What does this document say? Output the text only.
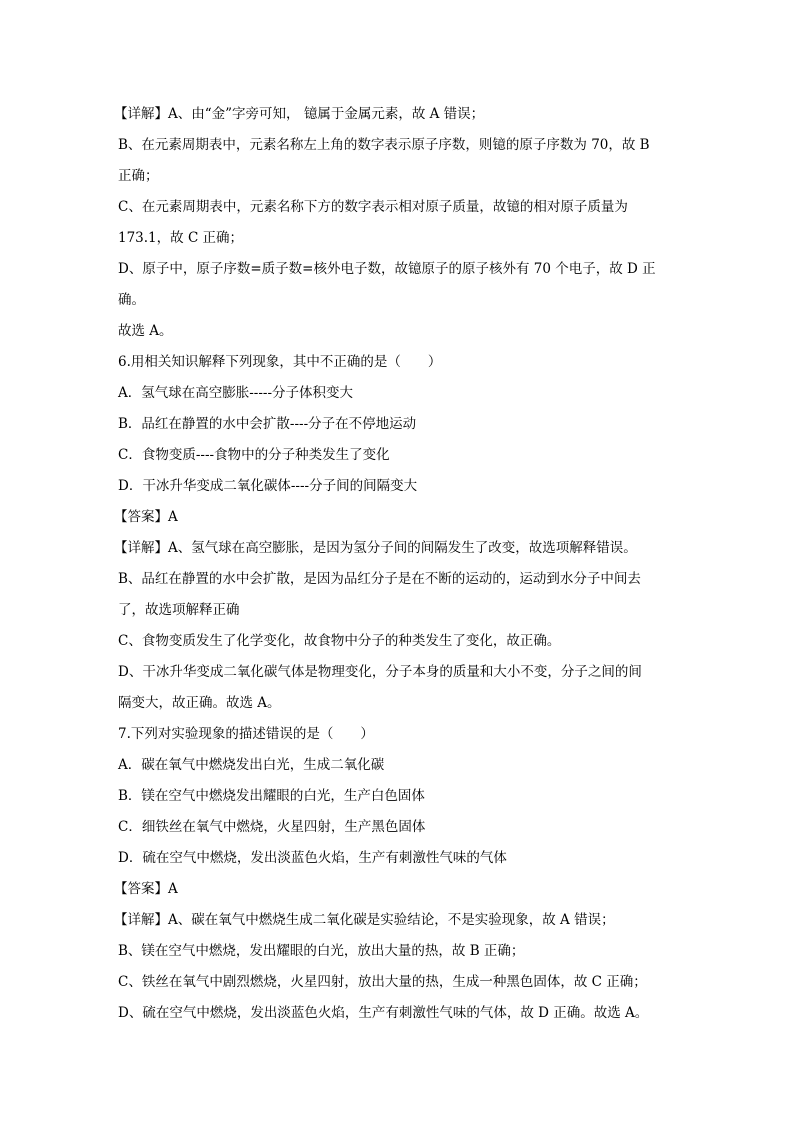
【详解】A、由“金”字旁可知， 镱属于金属元素，故 A 错误；
B、在元素周期表中，元素名称左上角的数字表示原子序数，则镱的原子序数为 70，故 B
正确；
C、在元素周期表中，元素名称下方的数字表示相对原子质量，故镱的相对原子质量为
173.1，故 C 正确；
D、原子中，原子序数=质子数=核外电子数，故镱原子的原子核外有 70 个电子，故 D 正
确。
故选 A。
6.用相关知识解释下列现象，其中不正确的是（　　）
A．氢气球在高空膨胀-----分子体积变大
B．品红在静置的水中会扩散----分子在不停地运动
C．食物变质----食物中的分子种类发生了变化
D．干冰升华变成二氧化碳体----分子间的间隔变大
【答案】A
【详解】A、氢气球在高空膨胀，是因为氢分子间的间隔发生了改变，故选项解释错误。
B、品红在静置的水中会扩散，是因为品红分子是在不断的运动的，运动到水分子中间去
了，故选项解释正确
C、食物变质发生了化学变化，故食物中分子的种类发生了变化，故正确。
D、干冰升华变成二氧化碳气体是物理变化，分子本身的质量和大小不变，分子之间的间
隔变大，故正确。故选 A。
7.下列对实验现象的描述错误的是（　　）
A．碳在氧气中燃烧发出白光，生成二氧化碳
B．镁在空气中燃烧发出耀眼的白光，生产白色固体
C．细铁丝在氧气中燃烧，火星四射，生产黑色固体
D．硫在空气中燃烧，发出淡蓝色火焰，生产有刺激性气味的气体
【答案】A
【详解】A、碳在氧气中燃烧生成二氧化碳是实验结论，不是实验现象，故 A 错误；
B、镁在空气中燃烧，发出耀眼的白光，放出大量的热，故 B 正确；
C、铁丝在氧气中剧烈燃烧，火星四射，放出大量的热，生成一种黑色固体，故 C 正确；
D、硫在空气中燃烧，发出淡蓝色火焰，生产有刺激性气味的气体，故 D 正确。故选 A。
